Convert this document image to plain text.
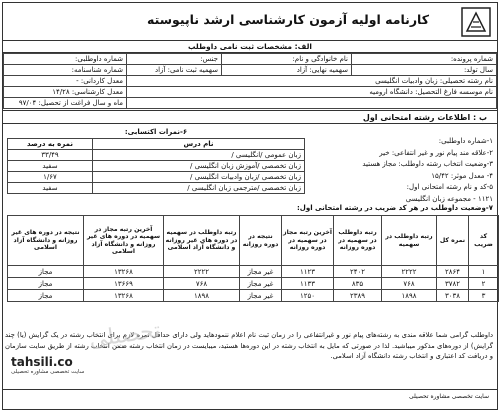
کارنامه اولیه آزمون کارشناسی ارشد ناپیوسته
الف: مشخصات ثبت نامی داوطلب
شماره پرونده:	نام خانوادگی و نام:	جنس:	شماره داوطلبی:
سال تولد:	سهمیه نهایی: آزاد	سهمیه ثبت نامی: آزاد	شماره شناسنامه:
نام رشته تحصیلی: زبان وادبیات انگلیسی			معدل کاردانی: -
نام موسسه فارغ التحصیل: دانشگاه ارومیه			معدل کارشناسی: ۱۴/۲۸
			ماه و سال فراغت از تحصیل: ۹۷/۰۴
ب : اطلاعات رشته امتحانی اول
۱-شماره داوطلبی:
۲-علاقه مند پیام نور و غیر انتفاعی: خیر
۳-وضعیت انتخاب رشته داوطلب: مجاز هستید
۴- معدل موثر: ۱۵/۴۲
۵-کد و نام رشته امتحانی اول:
۱۱۲۱ - مجموعه زبان انگلیسی
۶-نمرات اکتسابی:
نام درس	نمره به درصد
زبان عمومی /انگلیسی /	۳۳/۴۹
زبان تخصصی /آموزش زبان انگلیسی /	سفید
زبان تخصصی /زبان وادبیات انگلیسی /	۱/۶۷
زبان تخصصی /مترجمی زبان انگلیسی /	سفید
۷-وضعیت داوطلب در هر کد ضریب در رشته امتحانی اول:
کد ضریب	نمره کل	رتبه داوطلب در سهمیه	رتبه داوطلب در سهمیه در دوره روزانه	آخرین رتبه مجاز در سهمیه در دوره روزانه	نتیجه در دوره روزانه	رتبه داوطلب در سهمیه در دوره های غیر روزانه و دانشگاه آزاد اسلامی	آخرین رتبه مجاز در سهمیه در دوره های غیر روزانه و دانشگاه آزاد اسلامی	نتیجه در دوره های غیر روزانه و دانشگاه آزاد اسلامی
۱	۲۸۶۴	۲۲۲۲	۲۴۰۲	۱۱۲۳	غیر مجاز	۲۲۲۲	۱۳۲۶۸	مجاز
۲	۳۷۸۲	۷۶۸	۸۳۵	۱۱۳۳	غیر مجاز	۷۶۸	۱۳۶۶۹	مجاز
۳	۳۰۳۸	۱۸۹۸	۲۳۸۹	۱۲۵۰	غیر مجاز	۱۸۹۸	۱۳۲۶۸	مجاز
داوطلب گرامی شما علاقه مندی به رشته‌های پیام نور و غیرانتفاعی را در زمان ثبت نام اعلام ننمودهاید ولی دارای حداقل نمره لازم برای انتخاب رشته در یک گرایش (یا) چند گرایش) از دوره‌های مذکور میباشید. لذا در صورتی که مایل به انتخاب رشته در این دوره‌ها هستید، میبایست در زمان انتخاب رشته ضمن انتخاب رشته از طریق سایت سازمان و دریافت کد اعتباری و انتخاب رشته دانشگاه آزاد اسلامی.
تحصیلی
tahsili.co
سایت تخصصی مشاوره تحصیلی
سایت تخصصی مشاوره تحصیلی
